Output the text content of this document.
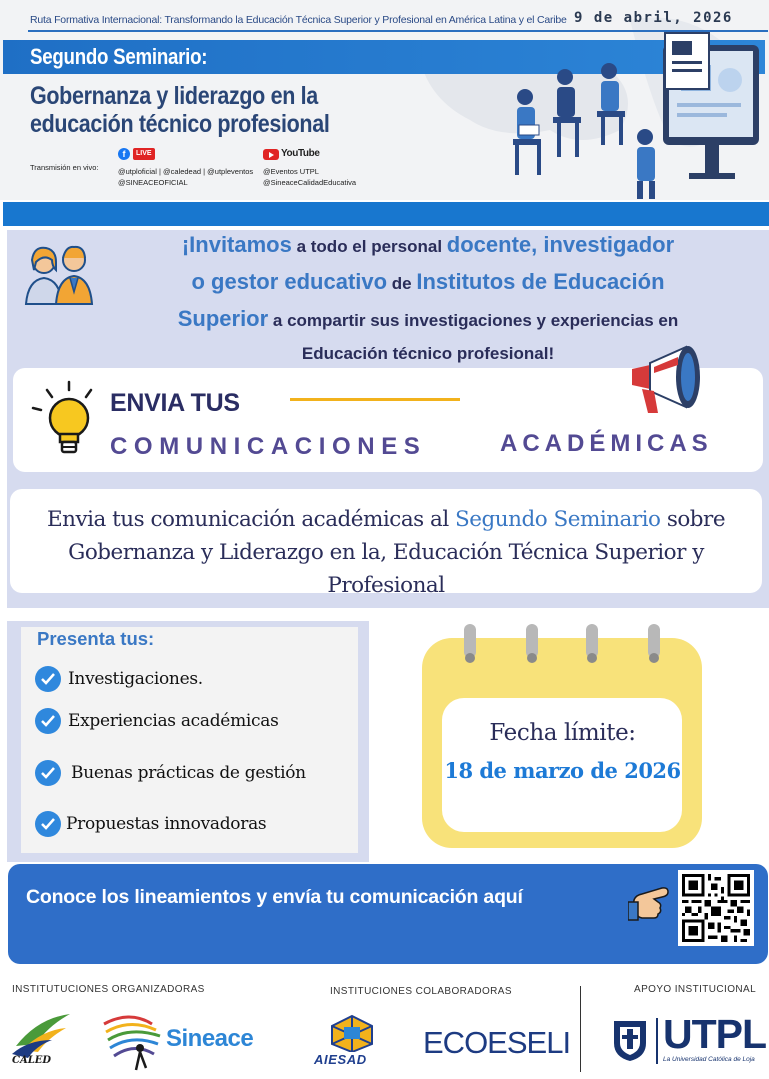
Ruta Formativa Internacional: Transformando la Educación Técnica Superior y Profesional en América Latina y el Caribe 9 de abril, 2026
Segundo Seminario:
Gobernanza y liderazgo en la educación técnico profesional
Transmisión en vivo:
f	LIVE
@utploficial | @caledead | @utpleventos
@SINEACEOFICIAL
YouTube
@Eventos UTPL
@SineaceCalidadEducativa
¡Invitamos a todo el personal docente, investigador
o gestor educativo de Institutos de Educación
Superior a compartir sus investigaciones y experiencias en
Educación técnico profesional!
ENVIA TUS
COMUNICACIONES	ACADÉMICAS
Envia tus comunicación académicas al Segundo Seminario sobre Gobernanza y Liderazgo en la, Educación Técnica Superior y Profesional
Presenta tus:
Investigaciones.
Experiencias académicas
Buenas prácticas de gestión
Propuestas innovadoras
Fecha límite:
18 de marzo de 2026
Conoce los lineamientos y envía tu comunicación aquí
INSTITUTUCIONES ORGANIZADORAS	INSTITUCIONES COLABORADORAS	APOYO INSTITUCIONAL
CALED
Sineace
AIESAD ECOESELI UTPL
La Universidad Católica de Loja
